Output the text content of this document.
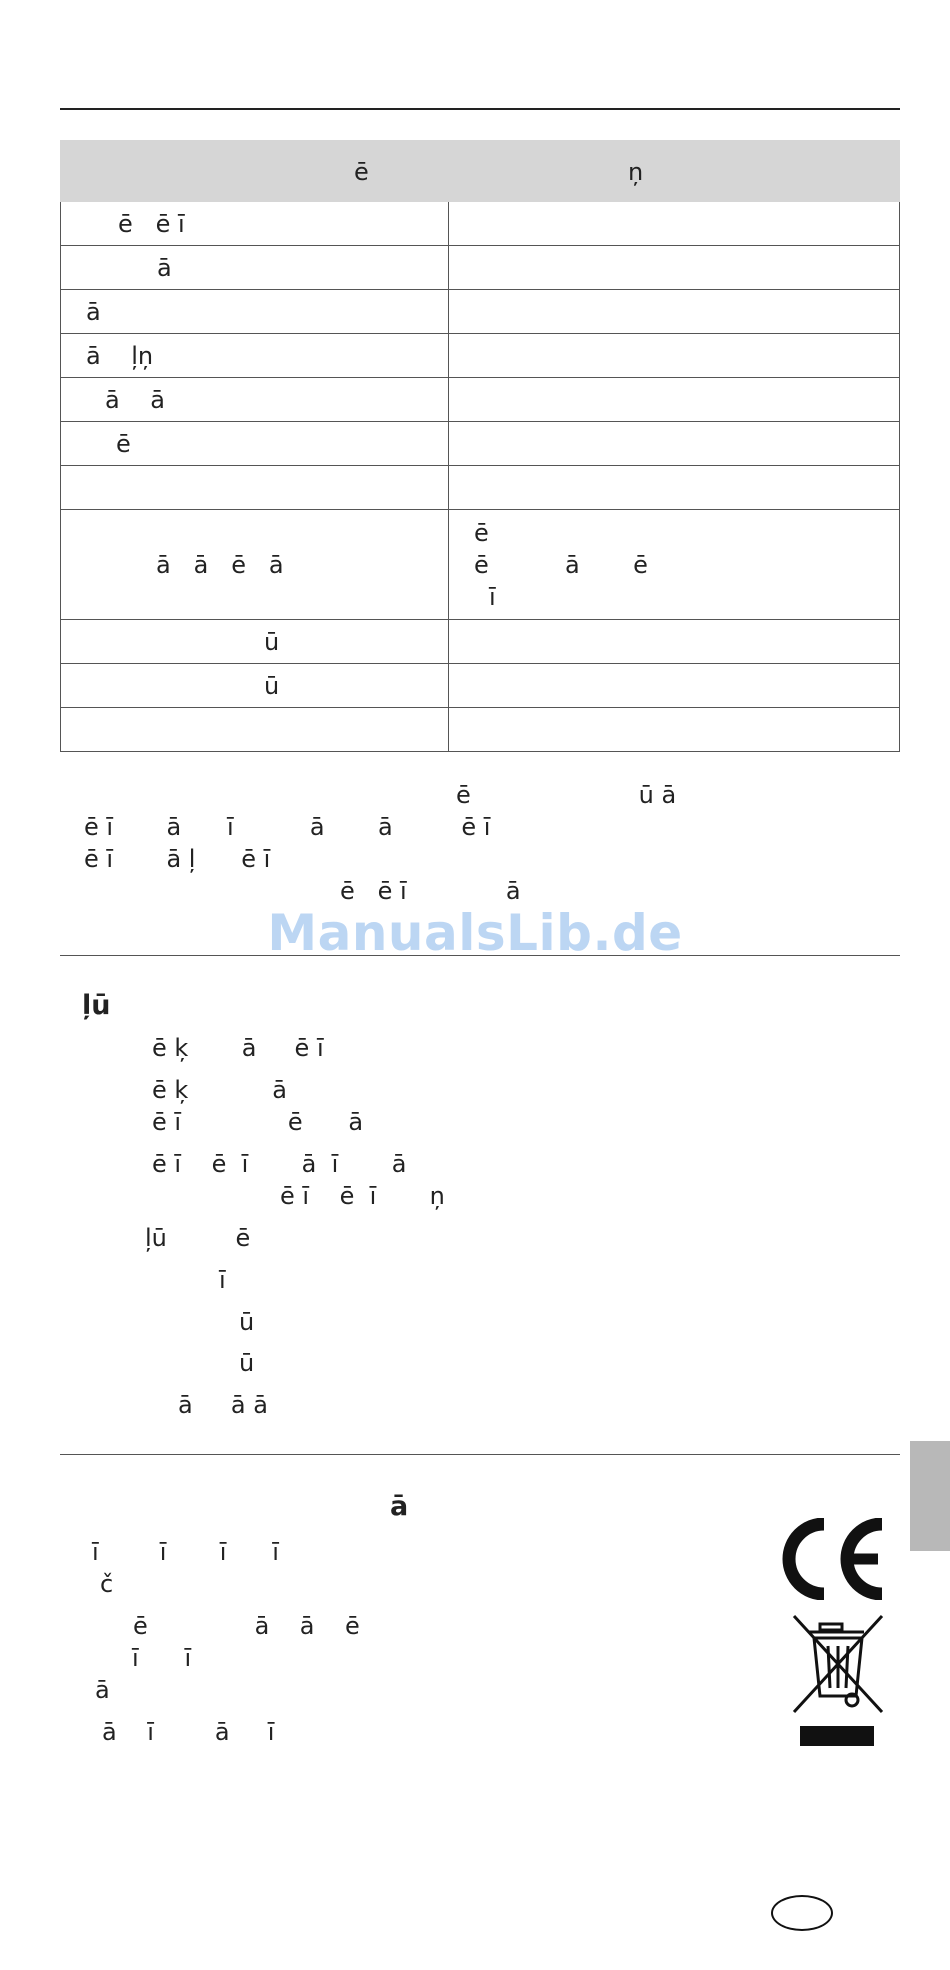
ē	ņ
ē   ē ī
ā
ā
ā    ļņ
ā    ā
ē
ā   ā   ē   ā
ē
ē          ā       ē
ī
ū
ū
ē                      ū ā
ē ī       ā      ī          ā       ā         ē ī
ē ī       ā ļ      ē ī
ē   ē ī             ā
ManualsLib.de
ļū
ē ķ       ā     ē ī
ē ķ           ā
ē ī              ē      ā
ē ī    ē  ī       ā  ī       ā
ē ī    ē  ī       ņ
ļū         ē
ī
ū
ū
ā     ā ā
ā
ī        ī       ī      ī
č
ē              ā    ā    ē
ī      ī
ā
ā    ī        ā     ī
